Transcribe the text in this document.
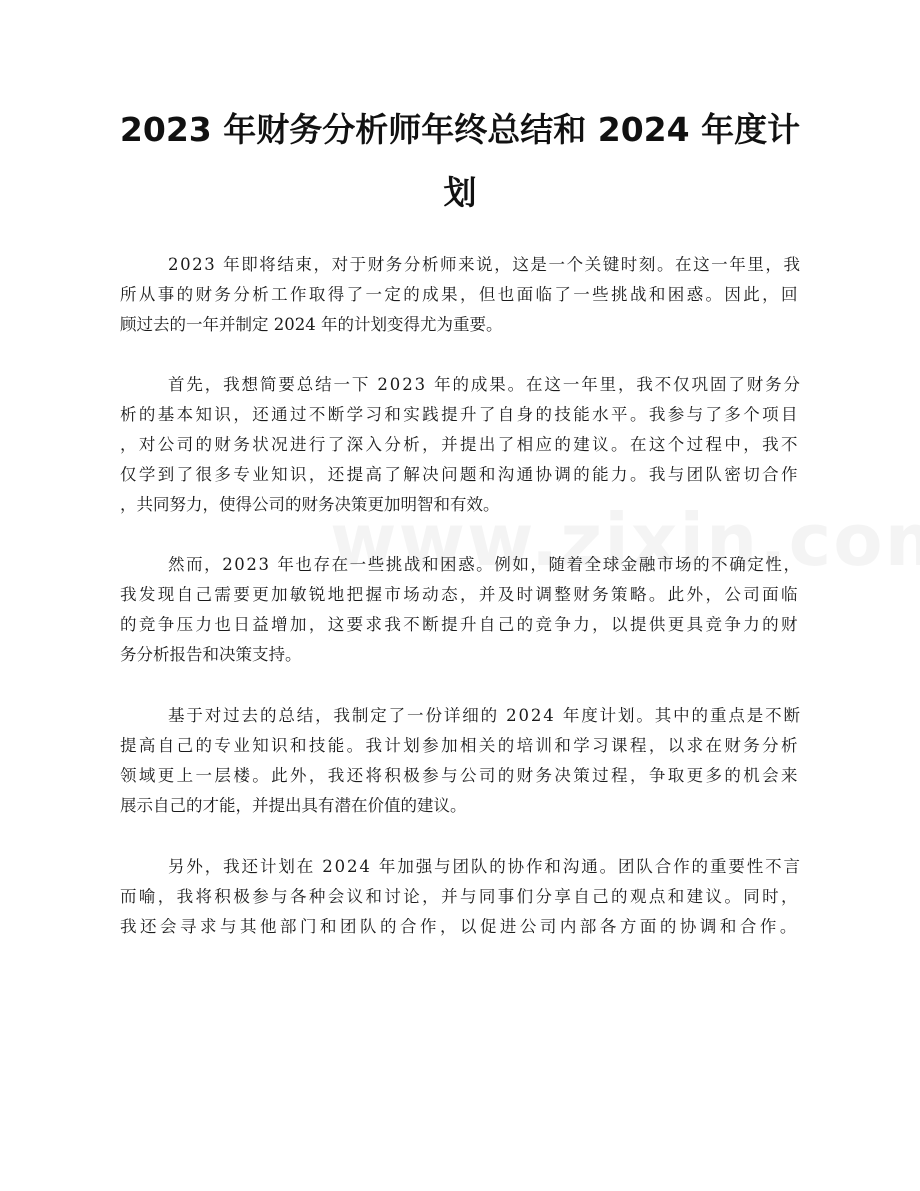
2023 年财务分析师年终总结和 2024 年度计
划
2023 年即将结束，对于财务分析师来说，这是一个关键时刻。在这一年里，我
所从事的财务分析工作取得了一定的成果，但也面临了一些挑战和困惑。因此，回
顾过去的一年并制定 2024 年的计划变得尤为重要。
首先，我想简要总结一下 2023 年的成果。在这一年里，我不仅巩固了财务分
析的基本知识，还通过不断学习和实践提升了自身的技能水平。我参与了多个项目
，对公司的财务状况进行了深入分析，并提出了相应的建议。在这个过程中，我不
仅学到了很多专业知识，还提高了解决问题和沟通协调的能力。我与团队密切合作
，共同努力，使得公司的财务决策更加明智和有效。
然而，2023 年也存在一些挑战和困惑。例如，随着全球金融市场的不确定性，
我发现自己需要更加敏锐地把握市场动态，并及时调整财务策略。此外，公司面临
的竞争压力也日益增加，这要求我不断提升自己的竞争力，以提供更具竞争力的财
务分析报告和决策支持。
基于对过去的总结，我制定了一份详细的 2024 年度计划。其中的重点是不断
提高自己的专业知识和技能。我计划参加相关的培训和学习课程，以求在财务分析
领域更上一层楼。此外，我还将积极参与公司的财务决策过程，争取更多的机会来
展示自己的才能，并提出具有潜在价值的建议。
另外，我还计划在 2024 年加强与团队的协作和沟通。团队合作的重要性不言
而喻，我将积极参与各种会议和讨论，并与同事们分享自己的观点和建议。同时，
我还会寻求与其他部门和团队的合作，以促进公司内部各方面的协调和合作。
